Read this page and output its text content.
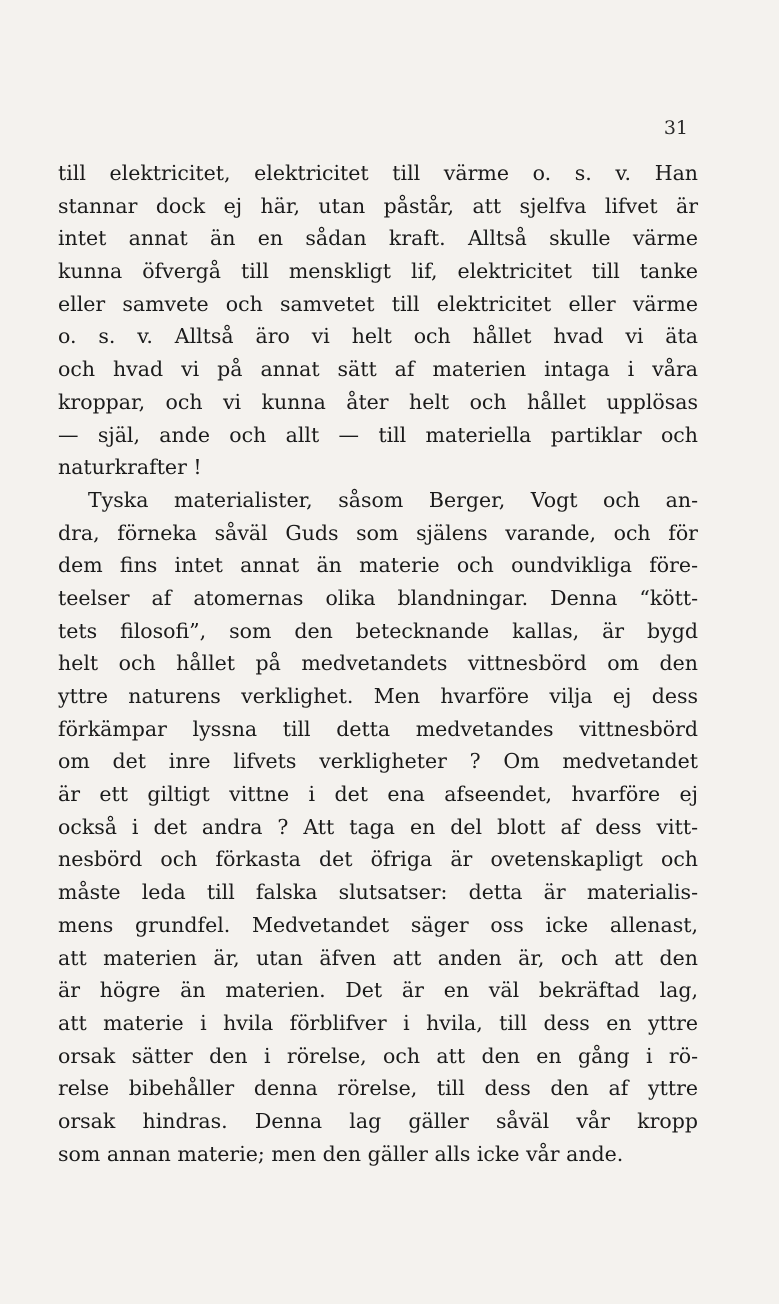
31
till elektricitet, elektricitet till värme o. s. v. Han
stannar dock ej här, utan påstår, att sjelfva lifvet är
intet annat än en sådan kraft. Alltså skulle värme
kunna öfvergå till menskligt lif, elektricitet till tanke
eller samvete och samvetet till elektricitet eller värme
o. s. v. Alltså äro vi helt och hållet hvad vi äta
och hvad vi på annat sätt af materien intaga i våra
kroppar, och vi kunna åter helt och hållet upplösas
— själ, ande och allt — till materiella partiklar och
naturkrafter !
Tyska materialister, såsom Berger, Vogt och an-
dra, förneka såväl Guds som själens varande, och för
dem fins intet annat än materie och oundvikliga före-
teelser af atomernas olika blandningar. Denna “kött-
tets filosofi”, som den betecknande kallas, är bygd
helt och hållet på medvetandets vittnesbörd om den
yttre naturens verklighet. Men hvarföre vilja ej dess
förkämpar lyssna till detta medvetandes vittnesbörd
om det inre lifvets verkligheter ? Om medvetandet
är ett giltigt vittne i det ena afseendet, hvarföre ej
också i det andra ? Att taga en del blott af dess vitt-
nesbörd och förkasta det öfriga är ovetenskapligt och
måste leda till falska slutsatser: detta är materialis-
mens grundfel. Medvetandet säger oss icke allenast,
att materien är, utan äfven att anden är, och att den
är högre än materien. Det är en väl bekräftad lag,
att materie i hvila förblifver i hvila, till dess en yttre
orsak sätter den i rörelse, och att den en gång i rö-
relse bibehåller denna rörelse, till dess den af yttre
orsak hindras. Denna lag gäller såväl vår kropp
som annan materie; men den gäller alls icke vår ande.
